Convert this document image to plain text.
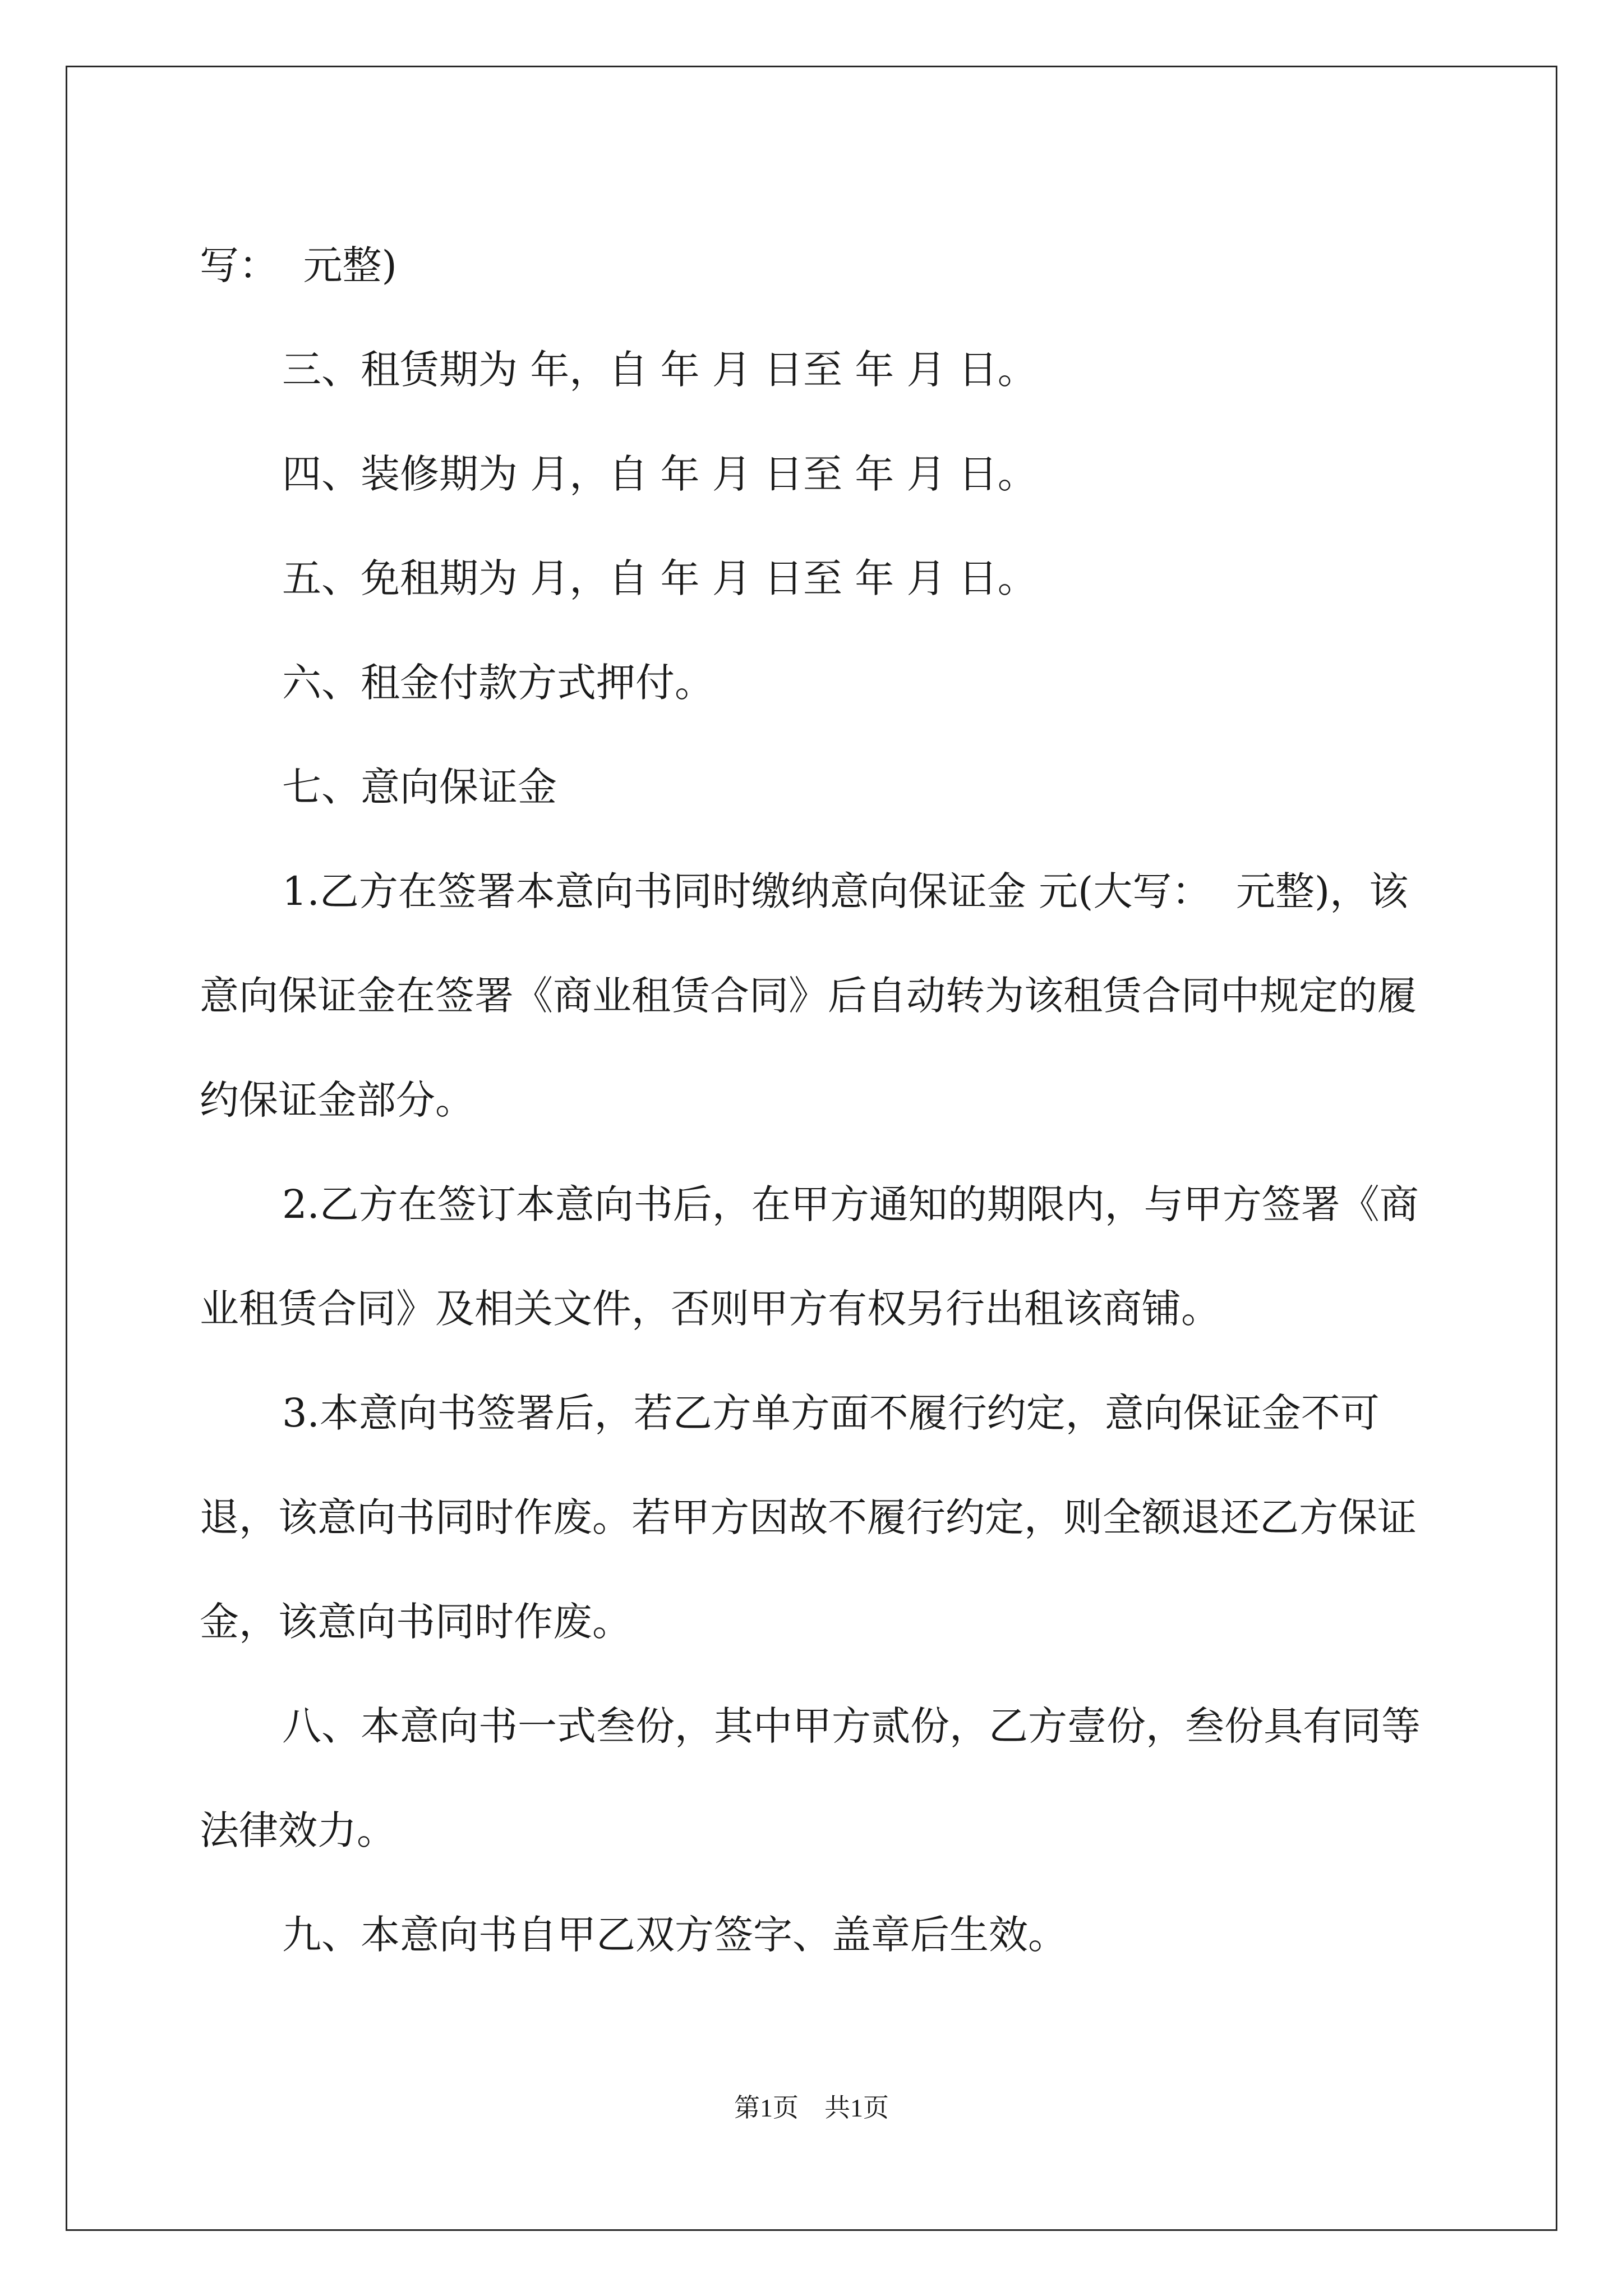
写：  元整)

三、租赁期为 年，自 年 月 日至 年 月 日。

四、装修期为 月，自 年 月 日至 年 月 日。

五、免租期为 月，自 年 月 日至 年 月 日。

六、租金付款方式押付。

七、意向保证金

1.乙方在签署本意向书同时缴纳意向保证金 元(大写：  元整)，该意向保证金在签署《商业租赁合同》后自动转为该租赁合同中规定的履约保证金部分。

2.乙方在签订本意向书后，在甲方通知的期限内，与甲方签署《商业租赁合同》及相关文件，否则甲方有权另行出租该商铺。

3.本意向书签署后，若乙方单方面不履行约定，意向保证金不可退，该意向书同时作废。若甲方因故不履行约定，则全额退还乙方保证金，该意向书同时作废。

八、本意向书一式叁份，其中甲方贰份，乙方壹份，叁份具有同等法律效力。

九、本意向书自甲乙双方签字、盖章后生效。

第1页　共1页
